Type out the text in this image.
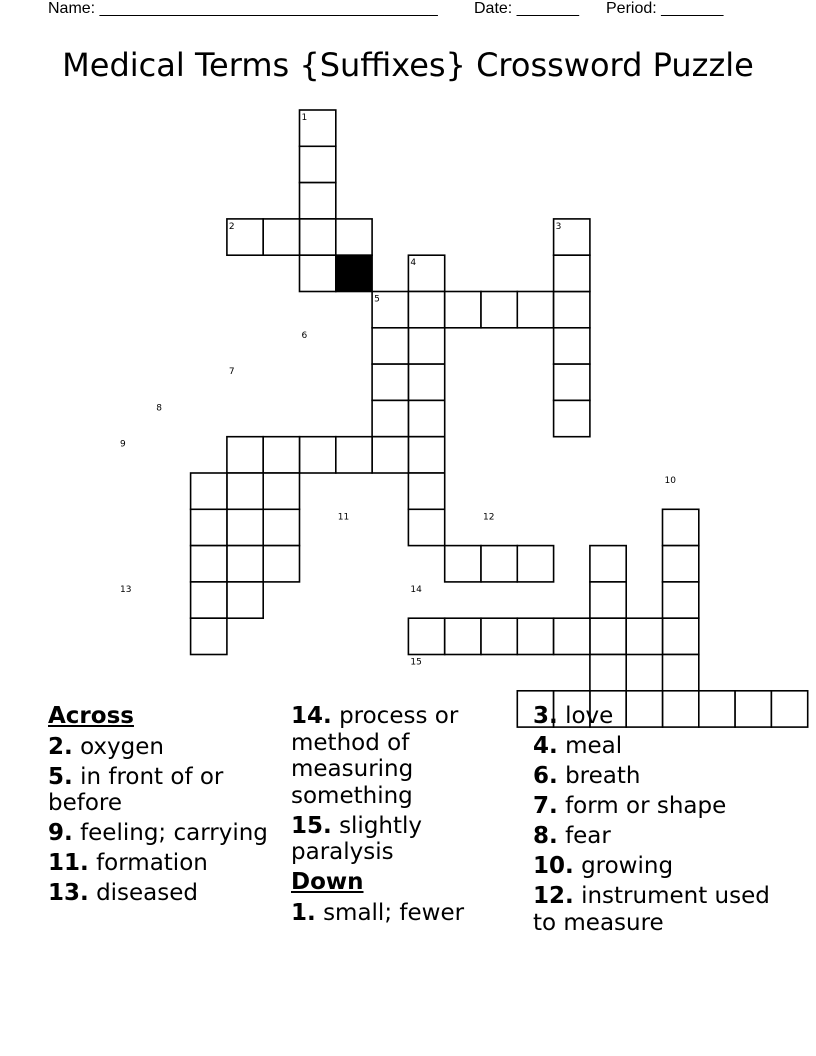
Name: ______________________________________ Date: _______ Period: _______
Medical Terms {Suffixes} Crossword Puzzle
1
2	3
4
5
6
7
8
9
10
11	12
13	14
15
Across
2. oxygen
5. in front of or before
9. feeling; carrying
11. formation
13. diseased
14. process or method of measuring something
15. slightly paralysis
Down
1. small; fewer
3. love
4. meal
6. breath
7. form or shape
8. fear
10. growing
12. instrument used to measure
